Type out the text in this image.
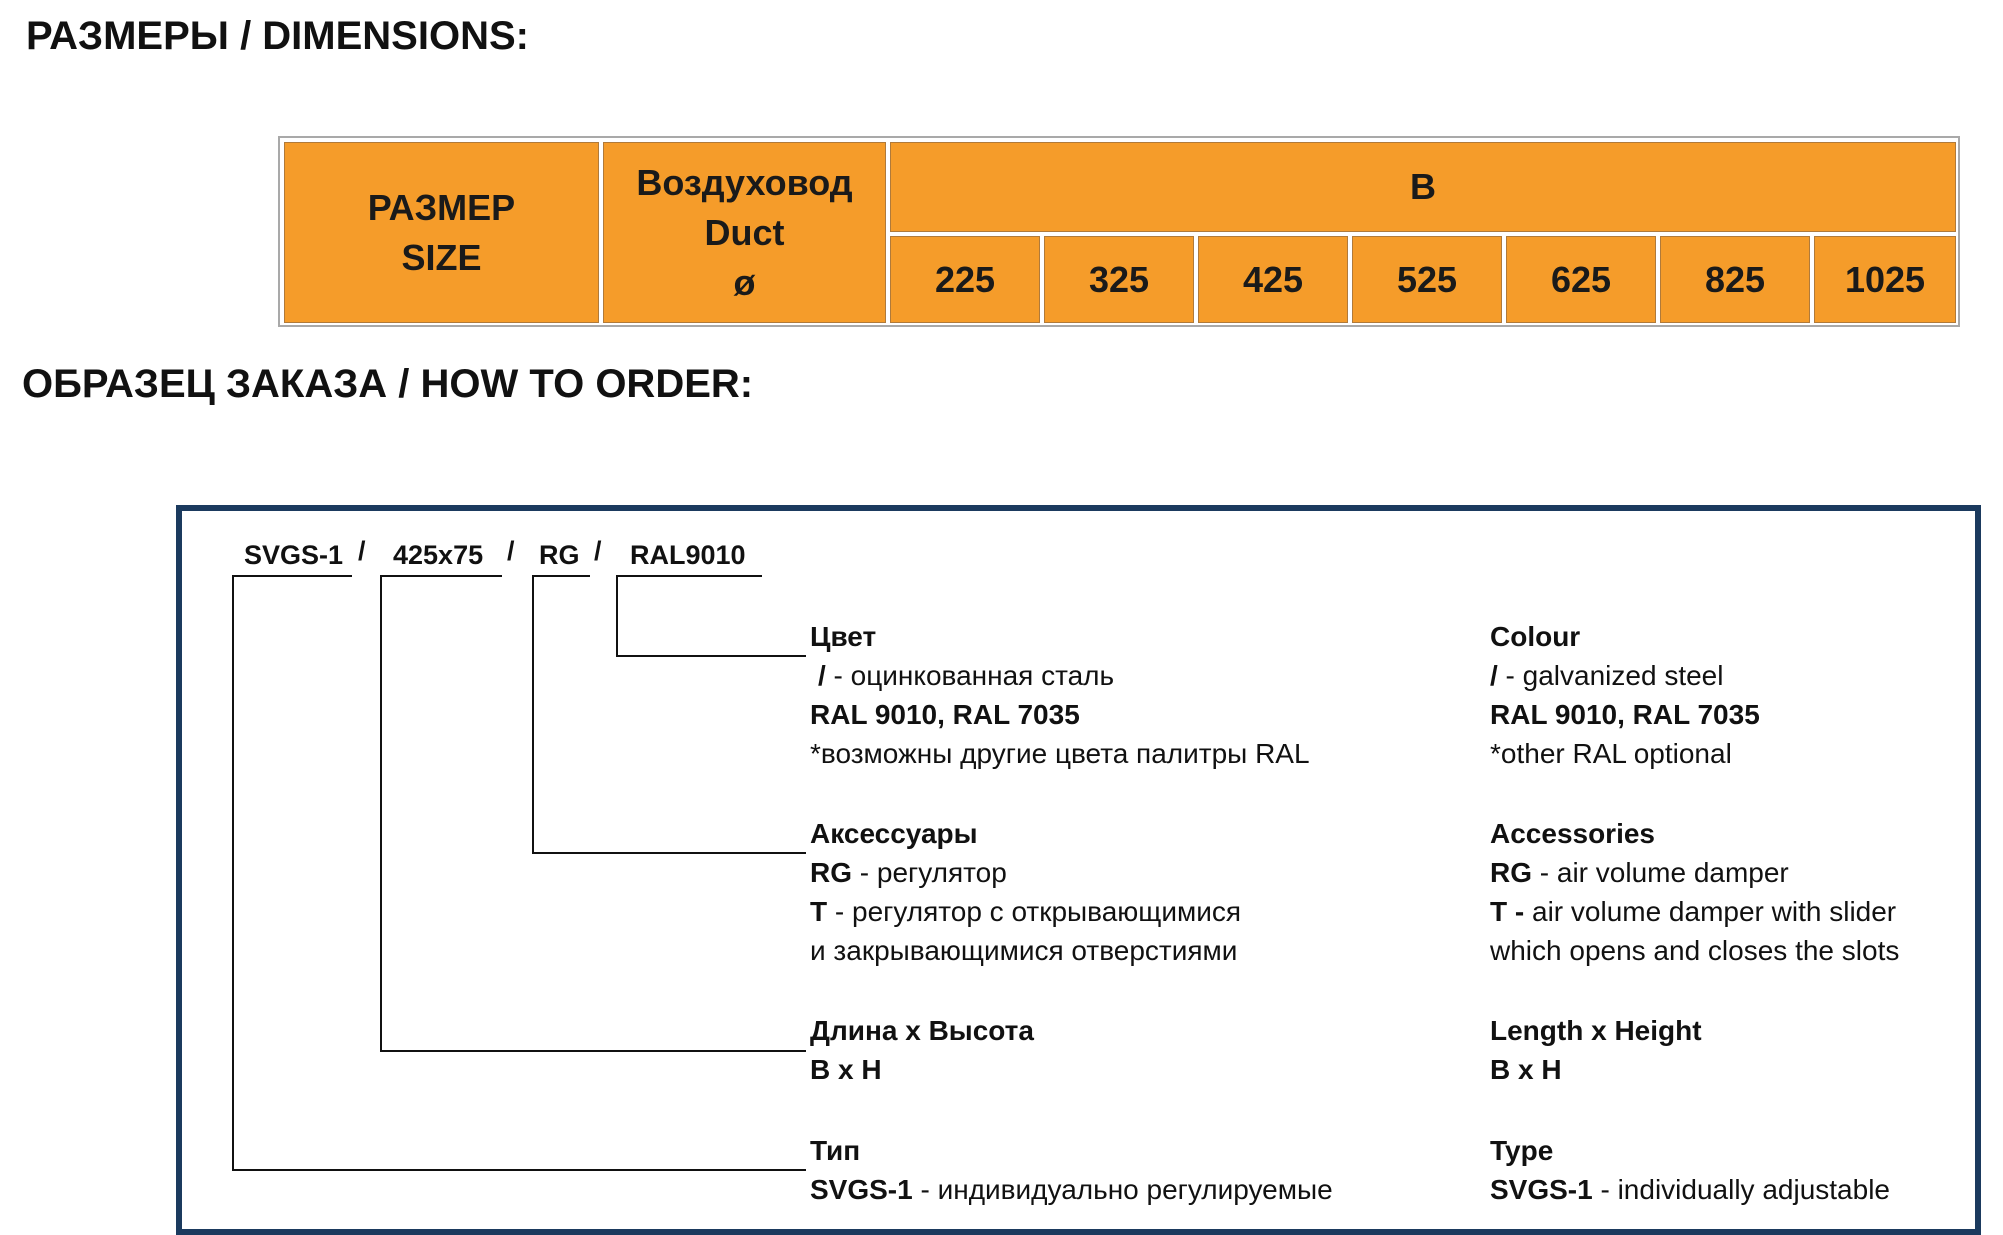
РАЗМЕРЫ / DIMENSIONS:
РАЗМЕР
SIZE
Воздуховод
Duct
ø
B
225	325	425	525	625	825 1025
ОБРАЗЕЦ ЗАКАЗА / HOW TO ORDER:
SVGS-1 / 425x75 / RG / RAL9010
Цвет
/ - оцинкованная сталь
RAL 9010, RAL 7035
*возможны другие цвета палитры RAL
Colour
/ - galvanized steel
RAL 9010, RAL 7035
*other RAL optional
Аксессуары
RG - регулятор
T - регулятор с открывающимися
и закрывающимися отверстиями
Accessories
RG - air volume damper
T - air volume damper with slider
which opens and closes the slots
Длина x Высота
B x H
Length x Height
B x H
Тип
SVGS-1 - индивидуально регулируемые
Type
SVGS-1 - individually adjustable
